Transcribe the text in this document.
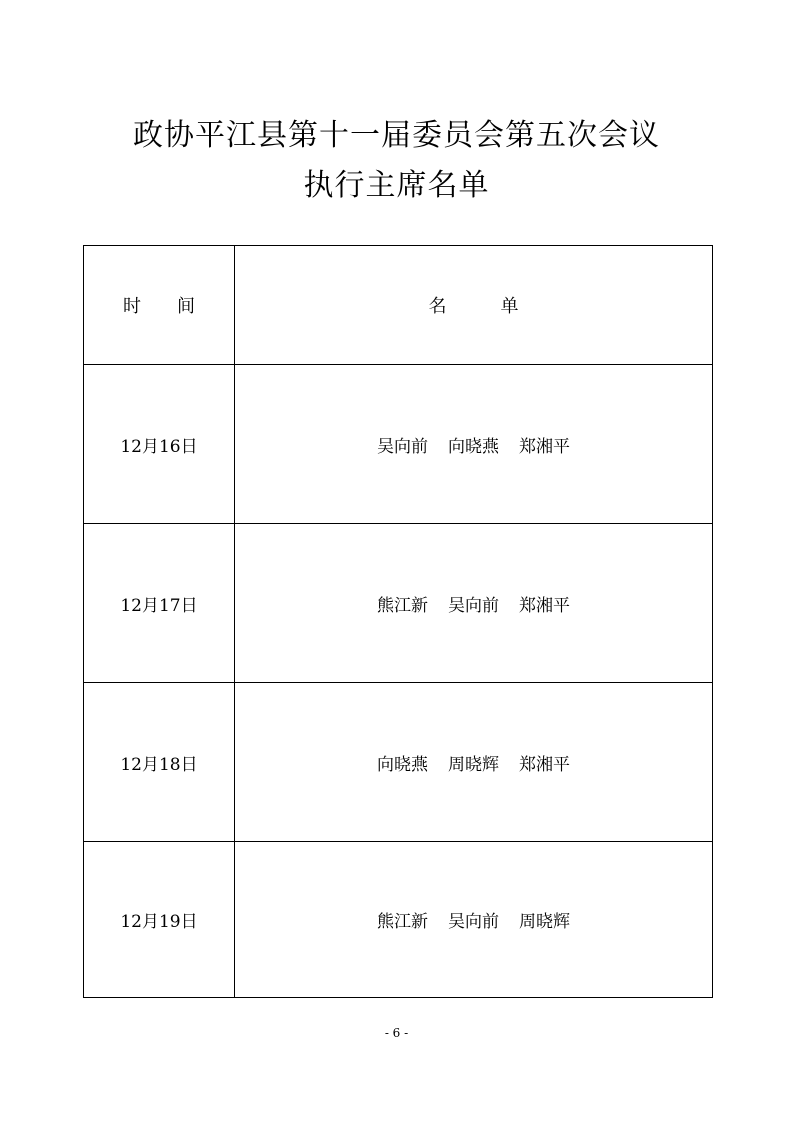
政协平江县第十一届委员会第五次会议
执行主席名单
时　　间	名　　　单
12月16日	吴向前 向晓燕 郑湘平
12月17日	熊江新 吴向前 郑湘平
12月18日	向晓燕 周晓辉 郑湘平
12月19日	熊江新 吴向前 周晓辉
- 6 -
